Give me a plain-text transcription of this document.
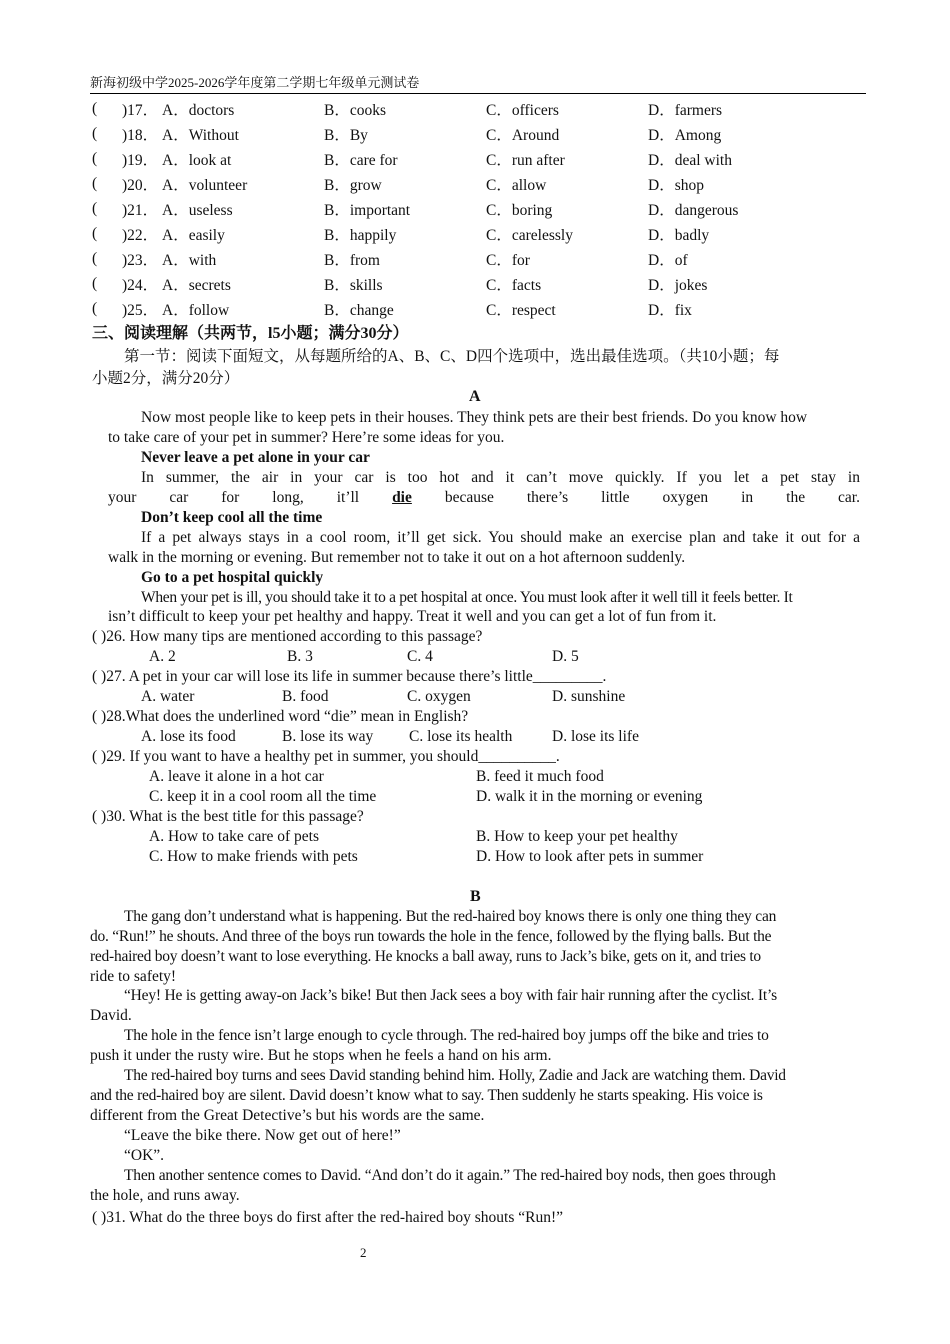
新海初级中学2025-2026学年度第二学期七年级单元测试卷
(	)17．	A．doctors	B．cooks	C．officers	D．farmers
(	)18．	A．Without	B．By	C．Around	D．Among
(	)19．	A．look at	B．care for	C．run after	D．deal with
(	)20．	A．volunteer	B．grow	C．allow	D．shop
(	)21．	A．useless	B．important	C．boring	D．dangerous
(	)22．	A．easily	B．happily	C．carelessly	D．badly
(	)23．	A．with	B．from	C．for	D．of
(	)24．	A．secrets	B．skills	C．facts	D．jokes
(	)25．	A．follow	B．change	C．respect	D．fix
三、阅读理解（共两节，l5小题；满分30分）
第一节：阅读下面短文，从每题所给的A、B、C、D四个选项中，选出最佳选项。（共10小题；每
小题2分，满分20分）
A
Now most people like to keep pets in their houses. They think pets are their best friends. Do you know how
to take care of your pet in summer? Here’re some ideas for you.
Never leave a pet alone in your car
In summer, the air in your car is too hot and it can’t move quickly. If you let a pet stay in
your car for long, it’ll die because there’s little oxygen in the car.
Don’t keep cool all the time
If a pet always stays in a cool room, it’ll get sick. You should make an exercise plan and take it out for a
walk in the morning or evening. But remember not to take it out on a hot afternoon suddenly.
Go to a pet hospital quickly
When your pet is ill, you should take it to a pet hospital at once. You must look after it well till it feels better. It
isn’t difficult to keep your pet healthy and happy. Treat it well and you can get a lot of fun from it.
( )26. How many tips are mentioned according to this passage?
A. 2	B. 3	C. 4	D. 5
( )27. A pet in your car will lose its life in summer because there’s little_________.
A. water	B. food	C. oxygen	D. sunshine
( )28.What does the underlined word “die” mean in English?
A. lose its food	B. lose its way C. lose its health	D. lose its life
( )29. If you want to have a healthy pet in summer, you should__________.
A. leave it alone in a hot car	B. feed it much food
C. keep it in a cool room all the time	D. walk it in the morning or evening
( )30. What is the best title for this passage?
A. How to take care of pets	B. How to keep your pet healthy
C. How to make friends with pets	D. How to look after pets in summer
B
The gang don’t understand what is happening. But the red-haired boy knows there is only one thing they can
do. “Run!” he shouts. And three of the boys run towards the hole in the fence, followed by the flying balls. But the
red-haired boy doesn’t want to lose everything. He knocks a ball away, runs to Jack’s bike, gets on it, and tries to
ride to safety!
“Hey! He is getting away-on Jack’s bike! But then Jack sees a boy with fair hair running after the cyclist. It’s
David.
The hole in the fence isn’t large enough to cycle through. The red-haired boy jumps off the bike and tries to
push it under the rusty wire. But he stops when he feels a hand on his arm.
The red-haired boy turns and sees David standing behind him. Holly, Zadie and Jack are watching them. David
and the red-haired boy are silent. David doesn’t know what to say. Then suddenly he starts speaking. His voice is
different from the Great Detective’s but his words are the same.
“Leave the bike there. Now get out of here!”
“OK”.
Then another sentence comes to David. “And don’t do it again.” The red-haired boy nods, then goes through
the hole, and runs away.
( )31. What do the three boys do first after the red-haired boy shouts “Run!”
2
